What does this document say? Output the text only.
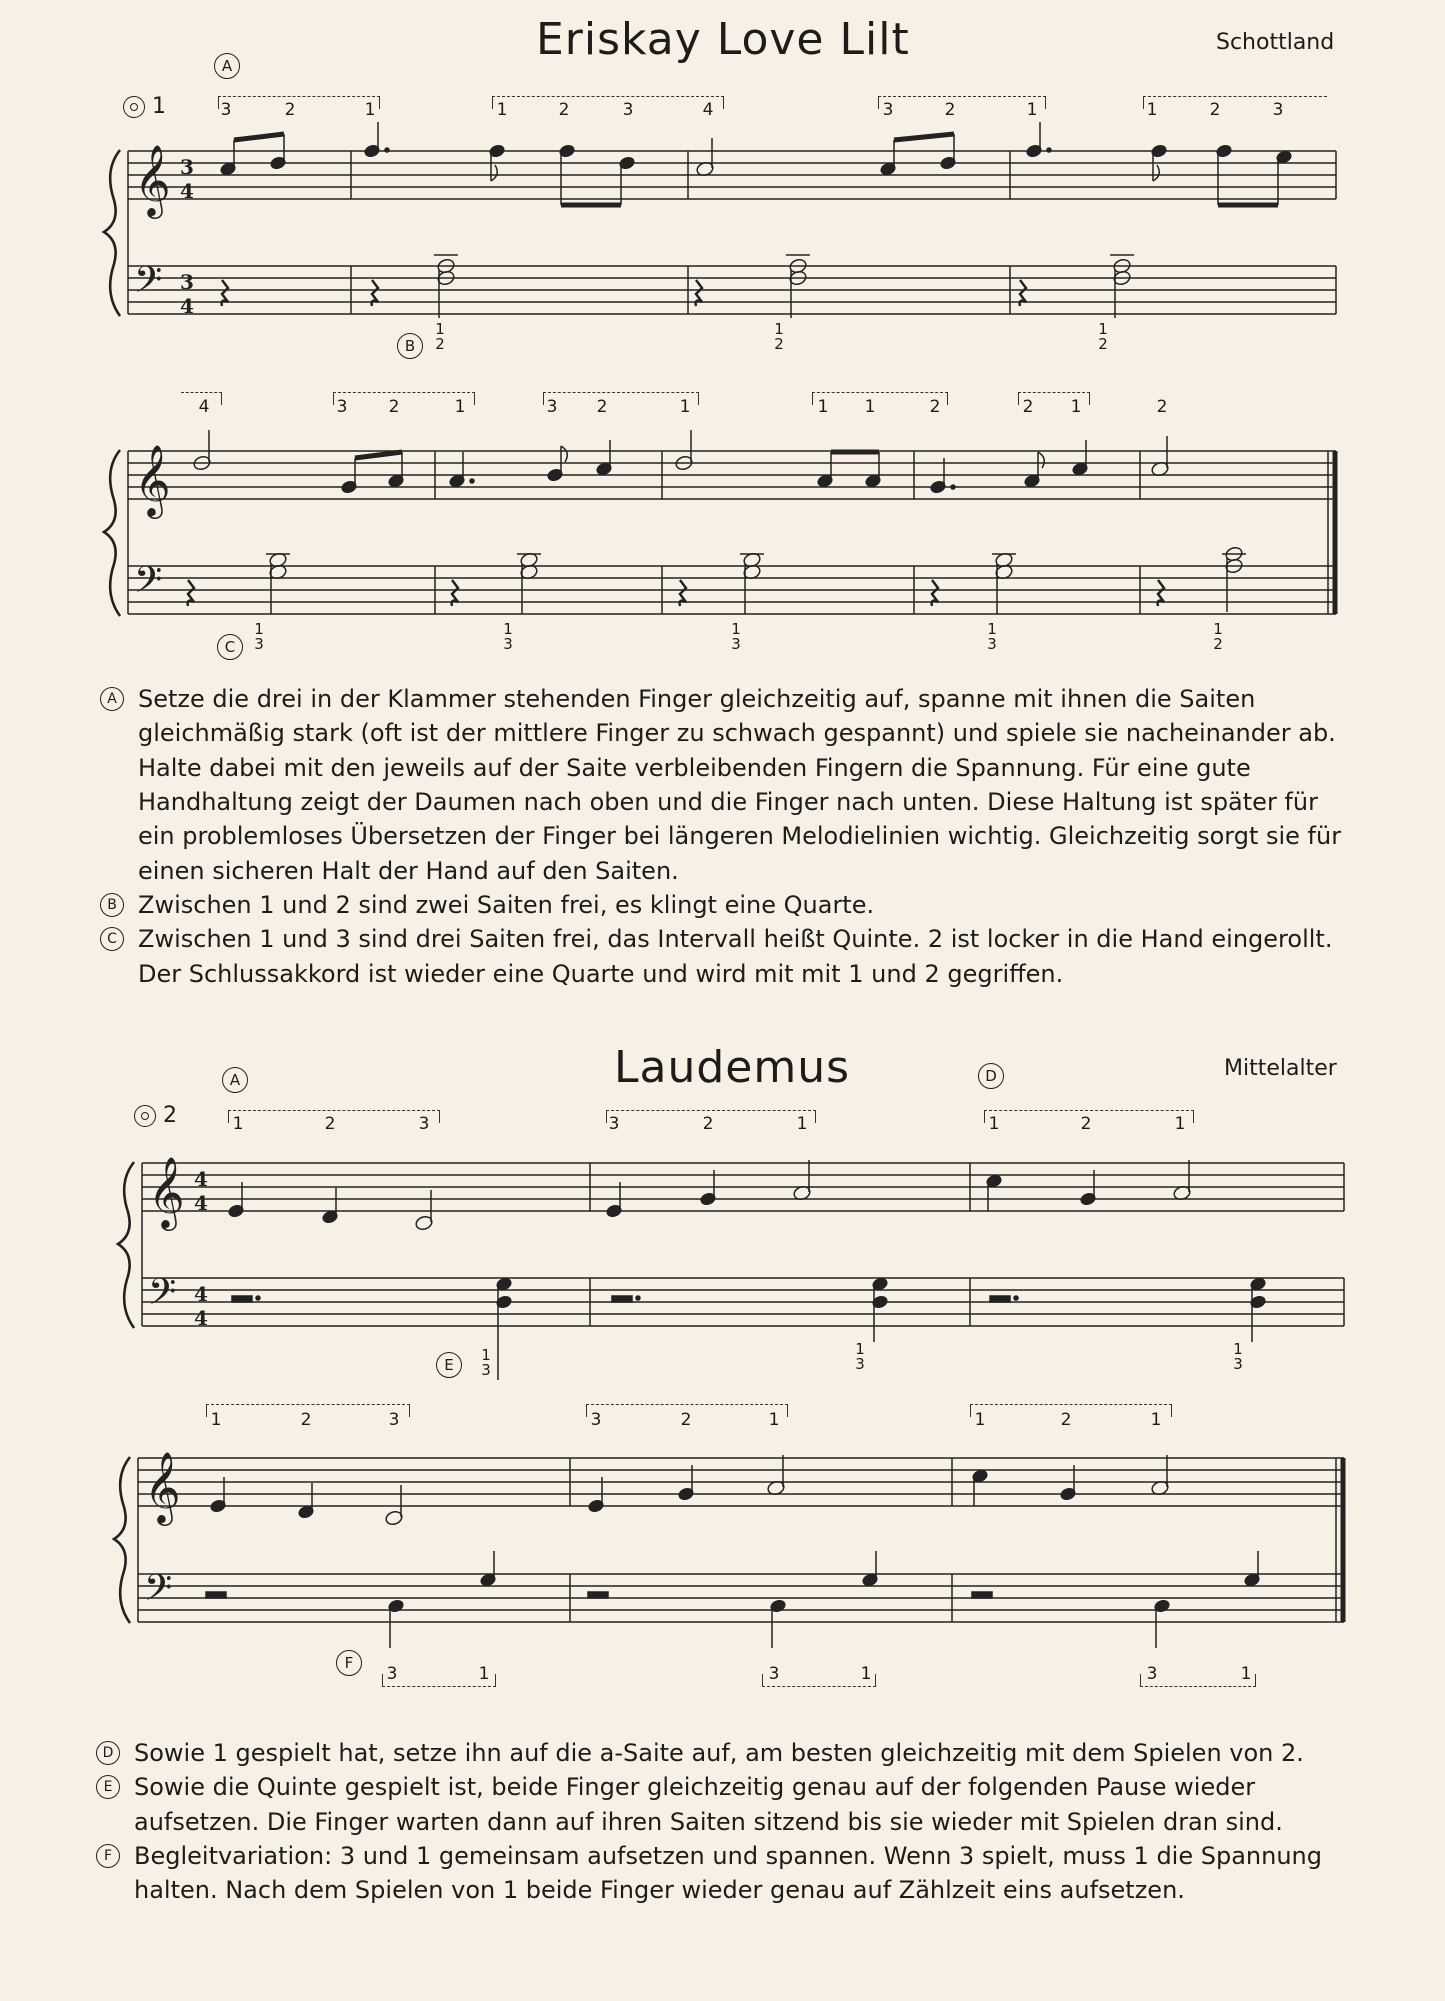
Eriskay Love Lilt	Schottland
A
1	3	2	1	1	2	3	4	3	2	1	1	2	3
𝄞
𝄢
3
4
3
4
B
1
2
1
2
1
2
4	3 2	1	3 2	1	1 1	2	2 1	2
𝄞
𝄢
C
1
3
1
3
1
3
1
3
1
2

A Setze die drei in der Klammer stehenden Finger gleichzeitig auf, spanne mit ihnen die Saiten gleichmäßig stark (oft ist der mittlere Finger zu schwach gespannt) und spiele sie nacheinander ab. Halte dabei mit den jeweils auf der Saite verbleibenden Fingern die Spannung. Für eine gute Handhaltung zeigt der Daumen nach oben und die Finger nach unten. Diese Haltung ist später für ein problemloses Übersetzen der Finger bei längeren Melodielinien wichtig. Gleichzeitig sorgt sie für einen sicheren Halt der Hand auf den Saiten.

B Zwischen 1 und 2 sind zwei Saiten frei, es klingt eine Quarte.

C Zwischen 1 und 3 sind drei Saiten frei, das Intervall heißt Quinte. 2 ist locker in die Hand eingerollt. Der Schlussakkord ist wieder eine Quarte und wird mit mit 1 und 2 gegriffen.

Laudemus	Mittelalter
A	D
2	1	2	3	3	2	1	1	2	1
𝄞
𝄢
4
4
4
4
E
1
3
1
3
1
3
1	2	3	3	2	1	1	2	1
𝄞
𝄢
F
3	1	3	1	3	1

D Sowie 1 gespielt hat, setze ihn auf die a-Saite auf, am besten gleichzeitig mit dem Spielen von 2.

E Sowie die Quinte gespielt ist, beide Finger gleichzeitig genau auf der folgenden Pause wieder aufsetzen. Die Finger warten dann auf ihren Saiten sitzend bis sie wieder mit Spielen dran sind.

F Begleitvariation: 3 und 1 gemeinsam aufsetzen und spannen. Wenn 3 spielt, muss 1 die Spannung halten. Nach dem Spielen von 1 beide Finger wieder genau auf Zählzeit eins aufsetzen.
